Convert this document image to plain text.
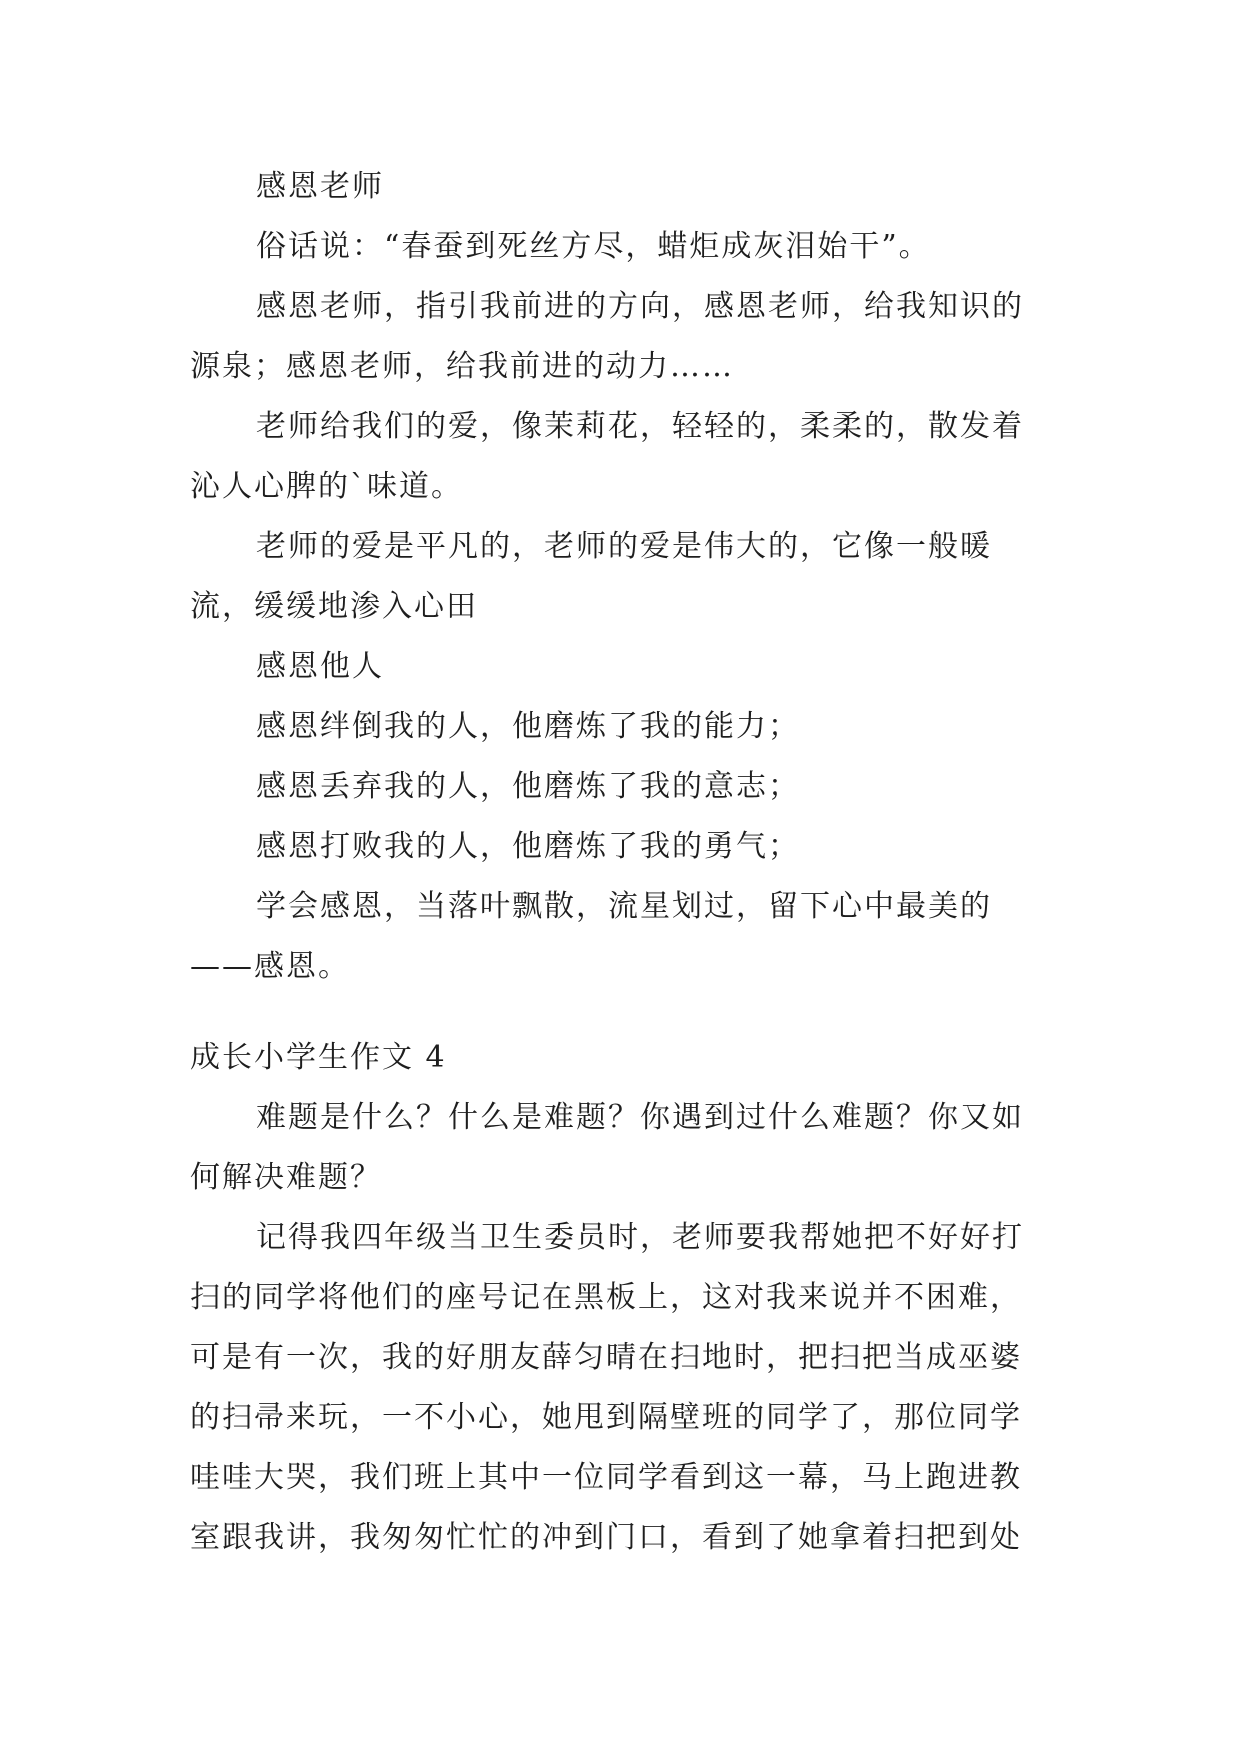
感恩老师
俗话说：“春蚕到死丝方尽，蜡炬成灰泪始干”。
感恩老师，指引我前进的方向，感恩老师，给我知识的源泉；感恩老师，给我前进的动力……
老师给我们的爱，像茉莉花，轻轻的，柔柔的，散发着沁人心脾的`味道。
老师的爱是平凡的，老师的爱是伟大的，它像一般暖流，缓缓地渗入心田
感恩他人
感恩绊倒我的人，他磨炼了我的能力；
感恩丢弃我的人，他磨炼了我的意志；
感恩打败我的人，他磨炼了我的勇气；
学会感恩，当落叶飘散，流星划过，留下心中最美的——感恩。
成长小学生作文 4
难题是什么？什么是难题？你遇到过什么难题？你又如何解决难题？
记得我四年级当卫生委员时，老师要我帮她把不好好打扫的同学将他们的座号记在黑板上，这对我来说并不困难，可是有一次，我的好朋友薛匀晴在扫地时，把扫把当成巫婆的扫帚来玩，一不小心，她甩到隔壁班的同学了，那位同学哇哇大哭，我们班上其中一位同学看到这一幕，马上跑进教室跟我讲，我匆匆忙忙的冲到门口，看到了她拿着扫把到处
